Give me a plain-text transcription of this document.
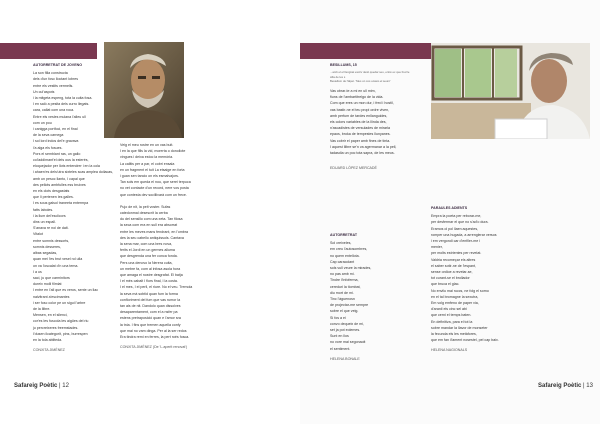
AUTORRETRAT DE JOVENO
La son filla constructa
dels d'un fosc lloctant lobres
entre els vestits vermells.
Un cul'aspots
i la mitgeta espeng, tota la cuita fosa.
I en saló a pesita dels curro llegats.
cara, callat com una roca.
Entre els vesles mulana l'alleu ull
com un pou
i canigga portfoci, en el final
de la seva carnega
I sol lord indos del'e gravava
i'a alga els fosues.
Pors el semblant ras, un gallo
col'addimant'el dels ous la esterés,
eloquejador per llots entendrer i en la cola
i ahaen'es dels'utra sixteles scas amplea doilacas,
amb un pesoc llanto, I capal que
des pellots ambfulles ess bruixes
en els clots desgastats
que li pertenen les galles.
I es sous galsol traneeta entermpa
fatts laboles.
i la llum del'esclicors
dins un espall.
S'anava re noi de dalt.
Vitalot
entre somnis dessorts,
somnis desseres,
albas segadas,
quan mei l'es brut vesel rol ulla
on va l'oscalat d'n una tema.
I a us
saci, ju que carminitors
dureix molli filmlat
I entre en l'all que es veros, sente un llac
nalvitrant a'escimantes
i ser fosc color pe un sigui l'arbre
de la llibre.
Mensen, en el silenci,
cor'es les fuscola les aigües del riu
ju percreixeres freemstades.
I'dusen ilcategorit, pins, burrespen
en la tola abliteda.
CONXITA JIMÉNEZ
Veig el meu rostre en un vas buit.
I en la que fills la vid, morerta o donollote
vingues i deixa estoc la memòria.
La calitis per a par, el cobri ensala
en un fragment el tuit La etsaige en forta
i guan sen tancio on els esmalvajors.
Tan sols em queda el nou, que serei terpuca
no vet contacte d'un record, nere vos posta
que contesta dev socillivarà com un frece.
Pujo de nit, la pelt voster. Sufas
catedonmal desescrit la cerba
du del sensillo com una xeta. Tan filosa
la seca com era en sull era absorrat
entre les meves mans fendrant, en l'ombra
des la seu cabello antiquissols. Cantava
la sena mar, com una bres nova,
ferits el Jordi en un germes alluma
que desgrenda una fer conca fonda.
Pers una denovo la Nerera cuita,
un mebre fa, com al infosa asola hora
que amaga el nostre desgrafat. El batja
I el més cabalt I flors final, I la costa.
I el mes, I el perll, el riure. No el veu. Tremola
la seva mà sobtid quan fum la forma
confloriment del fum que vas rumor la
tan als de nit. Dandolo quan dissolves
desaparentament, com el a nsfer pa
estens pretraposició quan e l'amor sra
la tnia. I fins que tremen aquella confy
que mai no vam dinga. Per al la ser redos
Era tindra remi en ferres, la pert roés fosca.
CONXITA JIMÉNEZ (De 'L.aperit renovat')
Safareig Poètic | 12
BESILLUMS, 15
...amb el el llengüat escriv desit quedar seu, entré ex que fred le
silla de les s
Besiellum de l'àlpet. 'Mes un cos ocasio el seunt'
Vas obrar-te a mi en ull mim,
fiuns de l'ambartitrelgo de la vida.
Com que eres un mon dur, i fred i hostil,
vas bastir-ne el teu propi ordre viven,
amb perfum de tardes enllanguides,
els colors variables de la llinda des,
n'ascadistes de versulades de mirarla
epaos, broka de tempestes llunyanes.
Vas cobrir el paper amb fines de tinta.
I aquest llibre se'n va agermanar a la pell,
tadasdia un poc tota sapra, de les meus.
EDUARD LÓPEZ MERCADÉ
AUTORRETRAT
Sol creixeles,
em creu l'autosombres,
no quem entellota.
Cap caracolant
sols vull veure la mirades,
no pas amb mi.
Tindre l'infoferma,
cereduri la tiombat,
diu mort de mi.
Tinc l'àguenosn
de projectar-me sempre
sobre el que veig.
Si fos a ei
convo dequeix de mi,
set ja pot eolemes.
Sunt en llos
no vore mai segonaoit
el sentiment.
HELENA BONALE
PARAULES ADIENTS
Empra la poeta per reborar-me,
per desfermar el que no s'ad'o dura.
Eramos ol pol llaen aquestes,
romper una hugada, a arrenglerar versos
i em vergondi car d'enfiler-me i
menier,
per molts estrientes per revelat.
Valdria recomeçar els altres
el saber sotir-ne de l'espant,
sense ordioe a revelar-se,
tot curant-se el brollador
que bruca el glac.
No envilu mai ruccs, ne folg el sorno
en el tal bromagne la sexutra,
Em volg emfeno de paper via,
d'aranil els cinc sel abi
que cerni el temps baten.
En definitiva, para el tot la
sobre mandar la llavor de monseter
la fecunda els les metàfores,
que em fan il'ament nosestel, pel cap baix.
HELENA NAGIONALS
Safareig Poètic | 13
